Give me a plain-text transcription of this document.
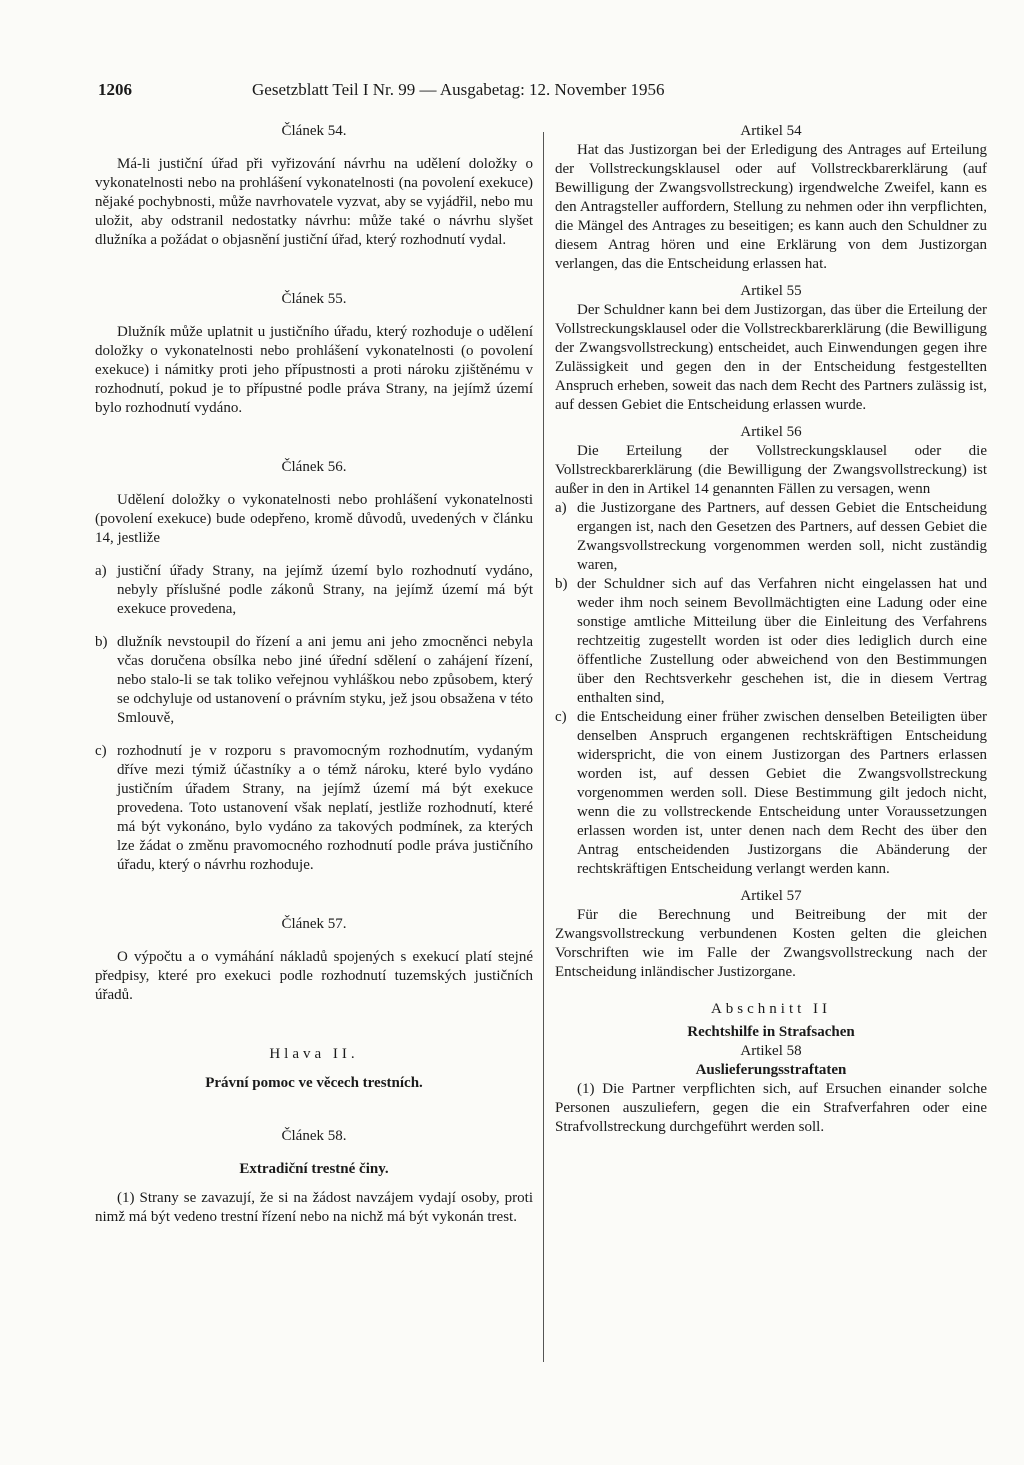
1206	Gesetzblatt Teil I Nr. 99 — Ausgabetag: 12. November 1956
Článek 54.

Má-li justiční úřad při vyřizování návrhu na udělení doložky o vykonatelnosti nebo na prohlášení vykonatelnosti (na povolení exekuce) nějaké pochybnosti, může navrhovatele vyzvat, aby se vyjádřil, nebo mu uložit, aby odstranil nedostatky návrhu: může také o návrhu slyšet dlužníka a požádat o objasnění justiční úřad, který rozhodnutí vydal.

Článek 55.

Dlužník může uplatnit u justičního úřadu, který rozhoduje o udělení doložky o vykonatelnosti nebo prohlášení vykonatelnosti (o povolení exekuce) i námitky proti jeho přípustnosti a proti nároku zjištěnému v rozhodnutí, pokud je to přípustné podle práva Strany, na jejímž území bylo rozhodnutí vydáno.

Článek 56.

Udělení doložky o vykonatelnosti nebo prohlášení vykonatelnosti (povolení exekuce) bude odepřeno, kromě důvodů, uvedených v článku 14, jestliže

a) justiční úřady Strany, na jejímž území bylo rozhodnutí vydáno, nebyly příslušné podle zákonů Strany, na jejímž území má být exekuce provedena,
b) dlužník nevstoupil do řízení a ani jemu ani jeho zmocněnci nebyla včas doručena obsílka nebo jiné úřední sdělení o zahájení řízení, nebo stalo-li se tak toliko veřejnou vyhláškou nebo způsobem, který se odchyluje od ustanovení o právním styku, jež jsou obsažena v této Smlouvě,
c) rozhodnutí je v rozporu s pravomocným rozhodnutím, vydaným dříve mezi týmiž účastníky a o témž nároku, které bylo vydáno justičním úřadem Strany, na jejímž území má být exekuce provedena. Toto ustanovení však neplatí, jestliže rozhodnutí, které má být vykonáno, bylo vydáno za takových podmínek, za kterých lze žádat o změnu pravomocného rozhodnutí podle práva justičního úřadu, který o návrhu rozhoduje.
Článek 57.

O výpočtu a o vymáhání nákladů spojených s exekucí platí stejné předpisy, které pro exekuci podle rozhodnutí tuzemských justičních úřadů.

Hlava II.
Právní pomoc ve věcech trestních.
Článek 58.
Extradiční trestné činy.

(1) Strany se zavazují, že si na žádost navzájem vydají osoby, proti nimž má být vedeno trestní řízení nebo na nichž má být vykonán trest.

Artikel 54

Hat das Justizorgan bei der Erledigung des Antrages auf Erteilung der Vollstreckungsklausel oder auf Vollstreckbarerklärung (auf Bewilligung der Zwangsvollstreckung) irgendwelche Zweifel, kann es den Antragsteller auffordern, Stellung zu nehmen oder ihn verpflichten, die Mängel des Antrages zu beseitigen; es kann auch den Schuldner zu diesem Antrag hören und eine Erklärung von dem Justizorgan verlangen, das die Entscheidung erlassen hat.

Artikel 55

Der Schuldner kann bei dem Justizorgan, das über die Erteilung der Vollstreckungsklausel oder die Vollstreckbarerklärung (die Bewilligung der Zwangsvollstreckung) entscheidet, auch Einwendungen gegen ihre Zulässigkeit und gegen den in der Entscheidung festgestellten Anspruch erheben, soweit das nach dem Recht des Partners zulässig ist, auf dessen Gebiet die Entscheidung erlassen wurde.

Artikel 56

Die Erteilung der Vollstreckungsklausel oder die Vollstreckbarerklärung (die Bewilligung der Zwangsvollstreckung) ist außer in den in Artikel 14 genannten Fällen zu versagen, wenn

a) die Justizorgane des Partners, auf dessen Gebiet die Entscheidung ergangen ist, nach den Gesetzen des Partners, auf dessen Gebiet die Zwangsvollstreckung vorgenommen werden soll, nicht zuständig waren,
b) der Schuldner sich auf das Verfahren nicht eingelassen hat und weder ihm noch seinem Bevollmächtigten eine Ladung oder eine sonstige amtliche Mitteilung über die Einleitung des Verfahrens rechtzeitig zugestellt worden ist oder dies lediglich durch eine öffentliche Zustellung oder abweichend von den Bestimmungen über den Rechtsverkehr geschehen ist, die in diesem Vertrag enthalten sind,
c) die Entscheidung einer früher zwischen denselben Beteiligten über denselben Anspruch ergangenen rechtskräftigen Entscheidung widerspricht, die von einem Justizorgan des Partners erlassen worden ist, auf dessen Gebiet die Zwangsvollstreckung vorgenommen werden soll. Diese Bestimmung gilt jedoch nicht, wenn die zu vollstreckende Entscheidung unter Voraussetzungen erlassen worden ist, unter denen nach dem Recht des über den Antrag entscheidenden Justizorgans die Abänderung der rechtskräftigen Entscheidung verlangt werden kann.
Artikel 57

Für die Berechnung und Beitreibung der mit der Zwangsvollstreckung verbundenen Kosten gelten die gleichen Vorschriften wie im Falle der Zwangsvollstreckung nach der Entscheidung inländischer Justizorgane.

Abschnitt II
Rechtshilfe in Strafsachen
Artikel 58
Auslieferungsstraftaten

(1) Die Partner verpflichten sich, auf Ersuchen einander solche Personen auszuliefern, gegen die ein Strafverfahren oder eine Strafvollstreckung durchgeführt werden soll.
